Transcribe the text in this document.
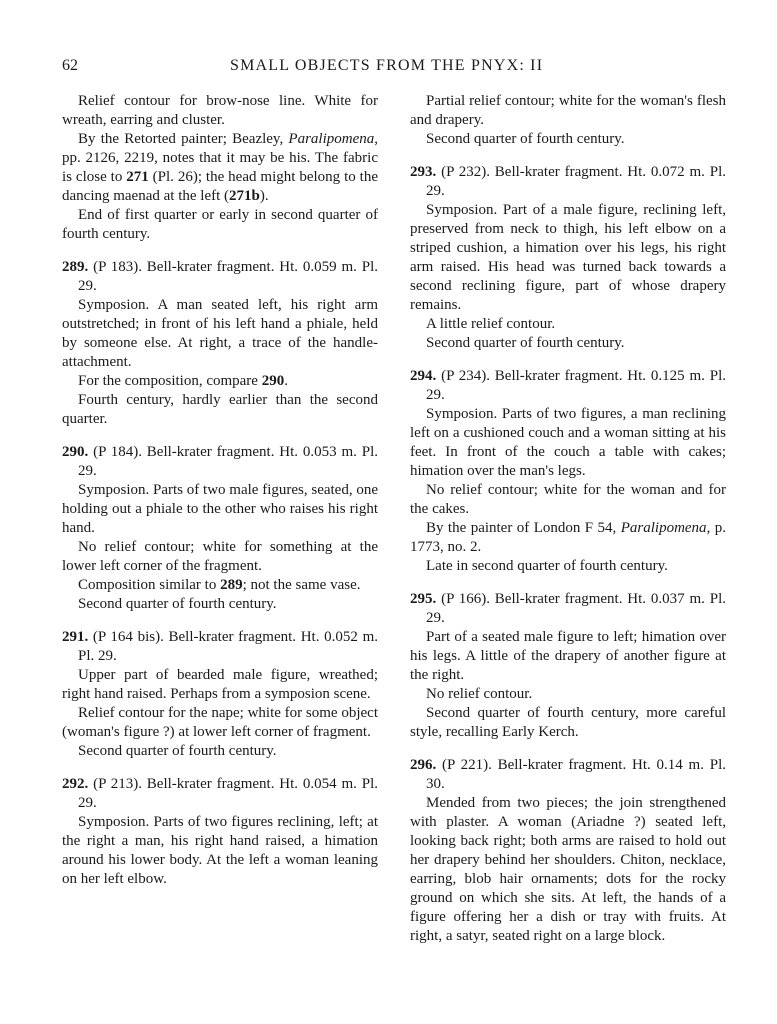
62	SMALL OBJECTS FROM THE PNYX: II

Relief contour for brow-nose line. White for wreath, earring and cluster.

By the Retorted painter; Beazley, Paralipomena, pp. 2126, 2219, notes that it may be his. The fabric is close to 271 (Pl. 26); the head might belong to the dancing maenad at the left (271b).

End of first quarter or early in second quarter of fourth century.

289. (P 183). Bell-krater fragment. Ht. 0.059 m. Pl. 29.

Symposion. A man seated left, his right arm outstretched; in front of his left hand a phiale, held by someone else. At right, a trace of the handle-attachment.

For the composition, compare 290.

Fourth century, hardly earlier than the second quarter.

290. (P 184). Bell-krater fragment. Ht. 0.053 m. Pl. 29.

Symposion. Parts of two male figures, seated, one holding out a phiale to the other who raises his right hand.

No relief contour; white for something at the lower left corner of the fragment.

Composition similar to 289; not the same vase.

Second quarter of fourth century.

291. (P 164 bis). Bell-krater fragment. Ht. 0.052 m. Pl. 29.

Upper part of bearded male figure, wreathed; right hand raised. Perhaps from a symposion scene.

Relief contour for the nape; white for some object (woman's figure ?) at lower left corner of fragment.

Second quarter of fourth century.

292. (P 213). Bell-krater fragment. Ht. 0.054 m. Pl. 29.

Symposion. Parts of two figures reclining, left; at the right a man, his right hand raised, a himation around his lower body. At the left a woman leaning on her left elbow.

Partial relief contour; white for the woman's flesh and drapery.

Second quarter of fourth century.

293. (P 232). Bell-krater fragment. Ht. 0.072 m. Pl. 29.

Symposion. Part of a male figure, reclining left, preserved from neck to thigh, his left elbow on a striped cushion, a himation over his legs, his right arm raised. His head was turned back towards a second reclining figure, part of whose drapery remains.

A little relief contour.

Second quarter of fourth century.

294. (P 234). Bell-krater fragment. Ht. 0.125 m. Pl. 29.

Symposion. Parts of two figures, a man reclining left on a cushioned couch and a woman sitting at his feet. In front of the couch a table with cakes; himation over the man's legs.

No relief contour; white for the woman and for the cakes.

By the painter of London F 54, Paralipomena, p. 1773, no. 2.

Late in second quarter of fourth century.

295. (P 166). Bell-krater fragment. Ht. 0.037 m. Pl. 29.

Part of a seated male figure to left; himation over his legs. A little of the drapery of another figure at the right.

No relief contour.

Second quarter of fourth century, more careful style, recalling Early Kerch.

296. (P 221). Bell-krater fragment. Ht. 0.14 m. Pl. 30.

Mended from two pieces; the join strengthened with plaster. A woman (Ariadne ?) seated left, looking back right; both arms are raised to hold out her drapery behind her shoulders. Chiton, necklace, earring, blob hair ornaments; dots for the rocky ground on which she sits. At left, the hands of a figure offering her a dish or tray with fruits. At right, a satyr, seated right on a large block.
